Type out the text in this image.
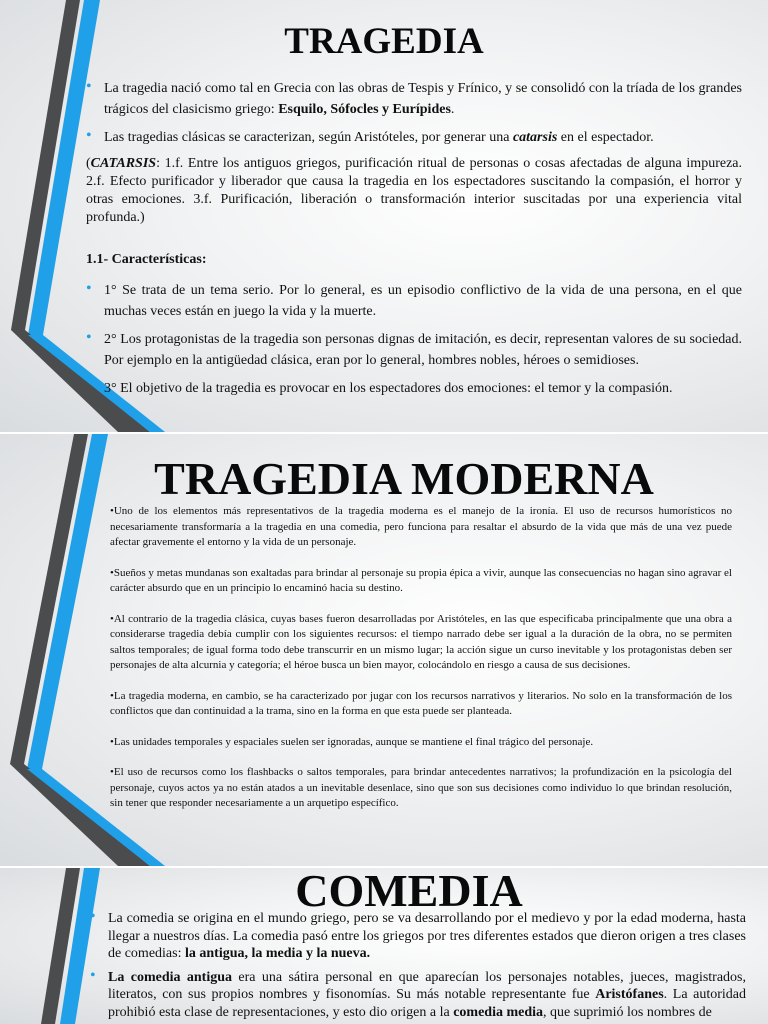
TRAGEDIA
• La tragedia nació como tal en Grecia con las obras de Tespis y Frínico, y se consolidó con la tríada de los grandes trágicos del clasicismo griego: Esquilo, Sófocles y Eurípides.
• Las tragedias clásicas se caracterizan, según Aristóteles, por generar una catarsis en el espectador.

(CATARSIS: 1.f. Entre los antiguos griegos, purificación ritual de personas o cosas afectadas de alguna impureza. 2.f. Efecto purificador y liberador que causa la tragedia en los espectadores suscitando la compasión, el horror y otras emociones. 3.f. Purificación, liberación o transformación interior suscitadas por una experiencia vital profunda.)

1.1- Características:
• 1° Se trata de un tema serio. Por lo general, es un episodio conflictivo de la vida de una persona, en el que muchas veces están en juego la vida y la muerte.
• 2° Los protagonistas de la tragedia son personas dignas de imitación, es decir, representan valores de su sociedad. Por ejemplo en la antigüedad clásica, eran por lo general, hombres nobles, héroes o semidioses.
3° El objetivo de la tragedia es provocar en los espectadores dos emociones: el temor y la compasión.
TRAGEDIA MODERNA

•Uno de los elementos más representativos de la tragedia moderna es el manejo de la ironía. El uso de recursos humorísticos no necesariamente transformaría a la tragedia en una comedia, pero funciona para resaltar el absurdo de la vida que más de una vez puede afectar gravemente el entorno y la vida de un personaje.

•Sueños y metas mundanas son exaltadas para brindar al personaje su propia épica a vivir, aunque las consecuencias no hagan sino agravar el carácter absurdo que en un principio lo encaminó hacia su destino.

•Al contrario de la tragedia clásica, cuyas bases fueron desarrolladas por Aristóteles, en las que especificaba principalmente que una obra a considerarse tragedia debía cumplir con los siguientes recursos: el tiempo narrado debe ser igual a la duración de la obra, no se permiten saltos temporales; de igual forma todo debe transcurrir en un mismo lugar; la acción sigue un curso inevitable y los protagonistas deben ser personajes de alta alcurnia y categoría; el héroe busca un bien mayor, colocándolo en riesgo a causa de sus decisiones.

•La tragedia moderna, en cambio, se ha caracterizado por jugar con los recursos narrativos y literarios. No solo en la transformación de los conflictos que dan continuidad a la trama, sino en la forma en que esta puede ser planteada.

•Las unidades temporales y espaciales suelen ser ignoradas, aunque se mantiene el final trágico del personaje.

•El uso de recursos como los flashbacks o saltos temporales, para brindar antecedentes narrativos; la profundización en la psicología del personaje, cuyos actos ya no están atados a un inevitable desenlace, sino que son sus decisiones como individuo lo que brindan resolución, sin tener que responder necesariamente a un arquetipo específico.

COMEDIA
• La comedia se origina en el mundo griego, pero se va desarrollando por el medievo y por la edad moderna, hasta llegar a nuestros días. La comedia pasó entre los griegos por tres diferentes estados que dieron origen a tres clases de comedias: la antigua, la media y la nueva.
• La comedia antigua era una sátira personal en que aparecían los personajes notables, jueces, magistrados, literatos, con sus propios nombres y fisonomías. Su más notable representante fue Aristófanes. La autoridad prohibió esta clase de representaciones, y esto dio origen a la comedia media, que suprimió los nombres de
